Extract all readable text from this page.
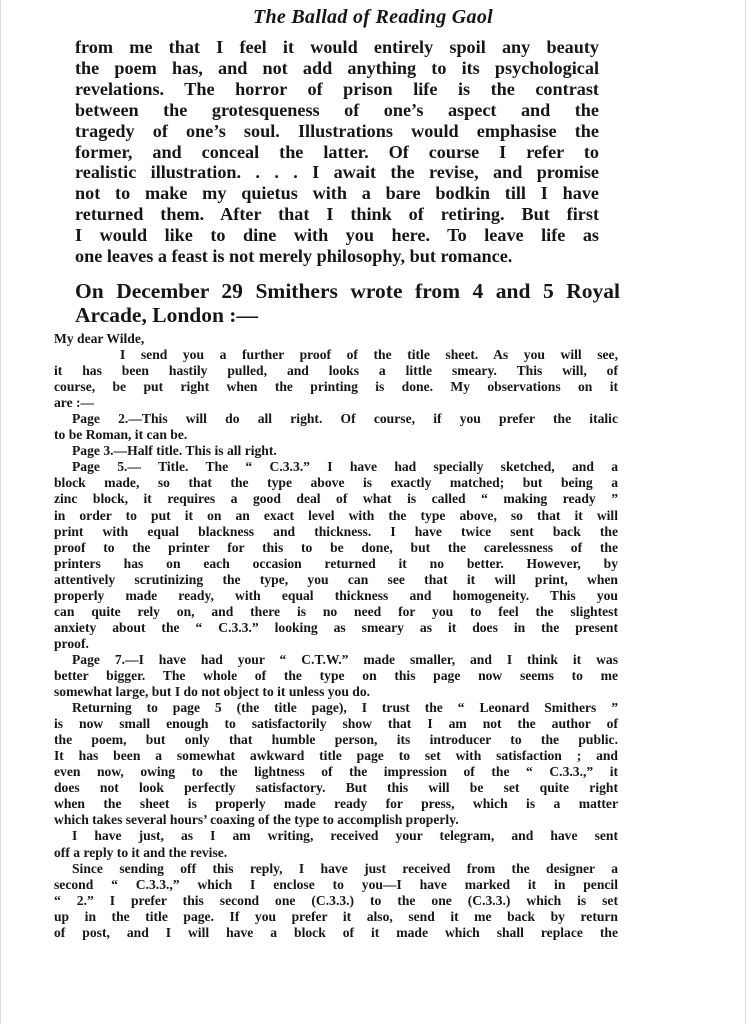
The Ballad of Reading Gaol
from me that I feel it would entirely spoil any beauty
the poem has, and not add anything to its psychological
revelations. The horror of prison life is the contrast
between the grotesqueness of one’s aspect and the
tragedy of one’s soul. Illustrations would emphasise the
former, and conceal the latter. Of course I refer to
realistic illustration. . . . I await the revise, and promise
not to make my quietus with a bare bodkin till I have
returned them. After that I think of retiring. But first
I would like to dine with you here. To leave life as
one leaves a feast is not merely philosophy, but romance.
On December 29 Smithers wrote from 4 and 5 Royal
Arcade, London :—
My dear Wilde,
I send you a further proof of the title sheet. As you will see,
it has been hastily pulled, and looks a little smeary. This will, of
course, be put right when the printing is done. My observations on it
are :—
Page 2.—This will do all right. Of course, if you prefer the italic
to be Roman, it can be.
Page 3.—Half title. This is all right.
Page 5.— Title. The “ C.3.3.” I have had specially sketched, and a
block made, so that the type above is exactly matched; but being a
zinc block, it requires a good deal of what is called “ making ready ”
in order to put it on an exact level with the type above, so that it will
print with equal blackness and thickness. I have twice sent back the
proof to the printer for this to be done, but the carelessness of the
printers has on each occasion returned it no better. However, by
attentively scrutinizing the type, you can see that it will print, when
properly made ready, with equal thickness and homogeneity. This you
can quite rely on, and there is no need for you to feel the slightest
anxiety about the “ C.3.3.” looking as smeary as it does in the present
proof.
Page 7.—I have had your “ C.T.W.” made smaller, and I think it was
better bigger. The whole of the type on this page now seems to me
somewhat large, but I do not object to it unless you do.
Returning to page 5 (the title page), I trust the “ Leonard Smithers ”
is now small enough to satisfactorily show that I am not the author of
the poem, but only that humble person, its introducer to the public.
It has been a somewhat awkward title page to set with satisfaction ; and
even now, owing to the lightness of the impression of the “ C.3.3.,” it
does not look perfectly satisfactory. But this will be set quite right
when the sheet is properly made ready for press, which is a matter
which takes several hours’ coaxing of the type to accomplish properly.
I have just, as I am writing, received your telegram, and have sent
off a reply to it and the revise.
Since sending off this reply, I have just received from the designer a
second “ C.3.3.,” which I enclose to you—I have marked it in pencil
“ 2.” I prefer this second one (C.3.3.) to the one (C.3.3.) which is set
up in the title page. If you prefer it also, send it me back by return
of post, and I will have a block of it made which shall replace the
